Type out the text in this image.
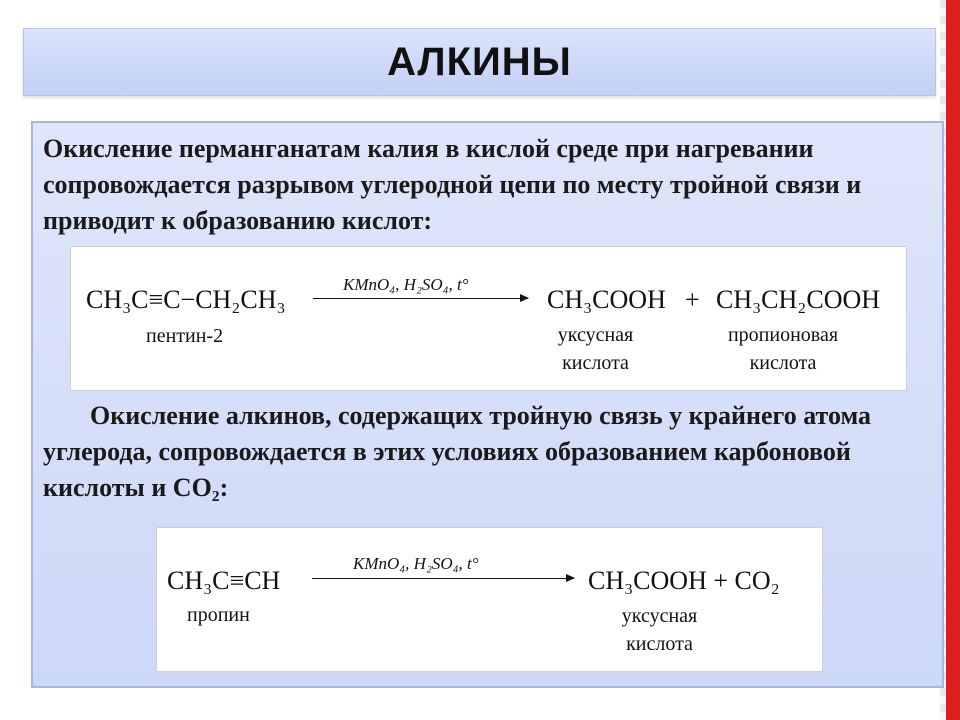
АЛКИНЫ
Окисление перманганатам калия в кислой среде при нагревании сопровождается разрывом углеродной цепи по месту тройной связи и приводит к образованию кислот:
CH₃C≡C−CH₂CH₃
пентин-2
KMnO₄, H₂SO₄, t°
CH₃COOH + CH₃CH₂COOH
уксусная кислота
пропионовая кислота
Окисление алкинов, содержащих тройную связь у крайнего атома углерода, сопровождается в этих условиях образованием карбоновой кислоты и CO₂:
CH₃C≡CH
пропин
KMnO₄, H₂SO₄, t°
CH₃COOH + CO₂
уксусная кислота
